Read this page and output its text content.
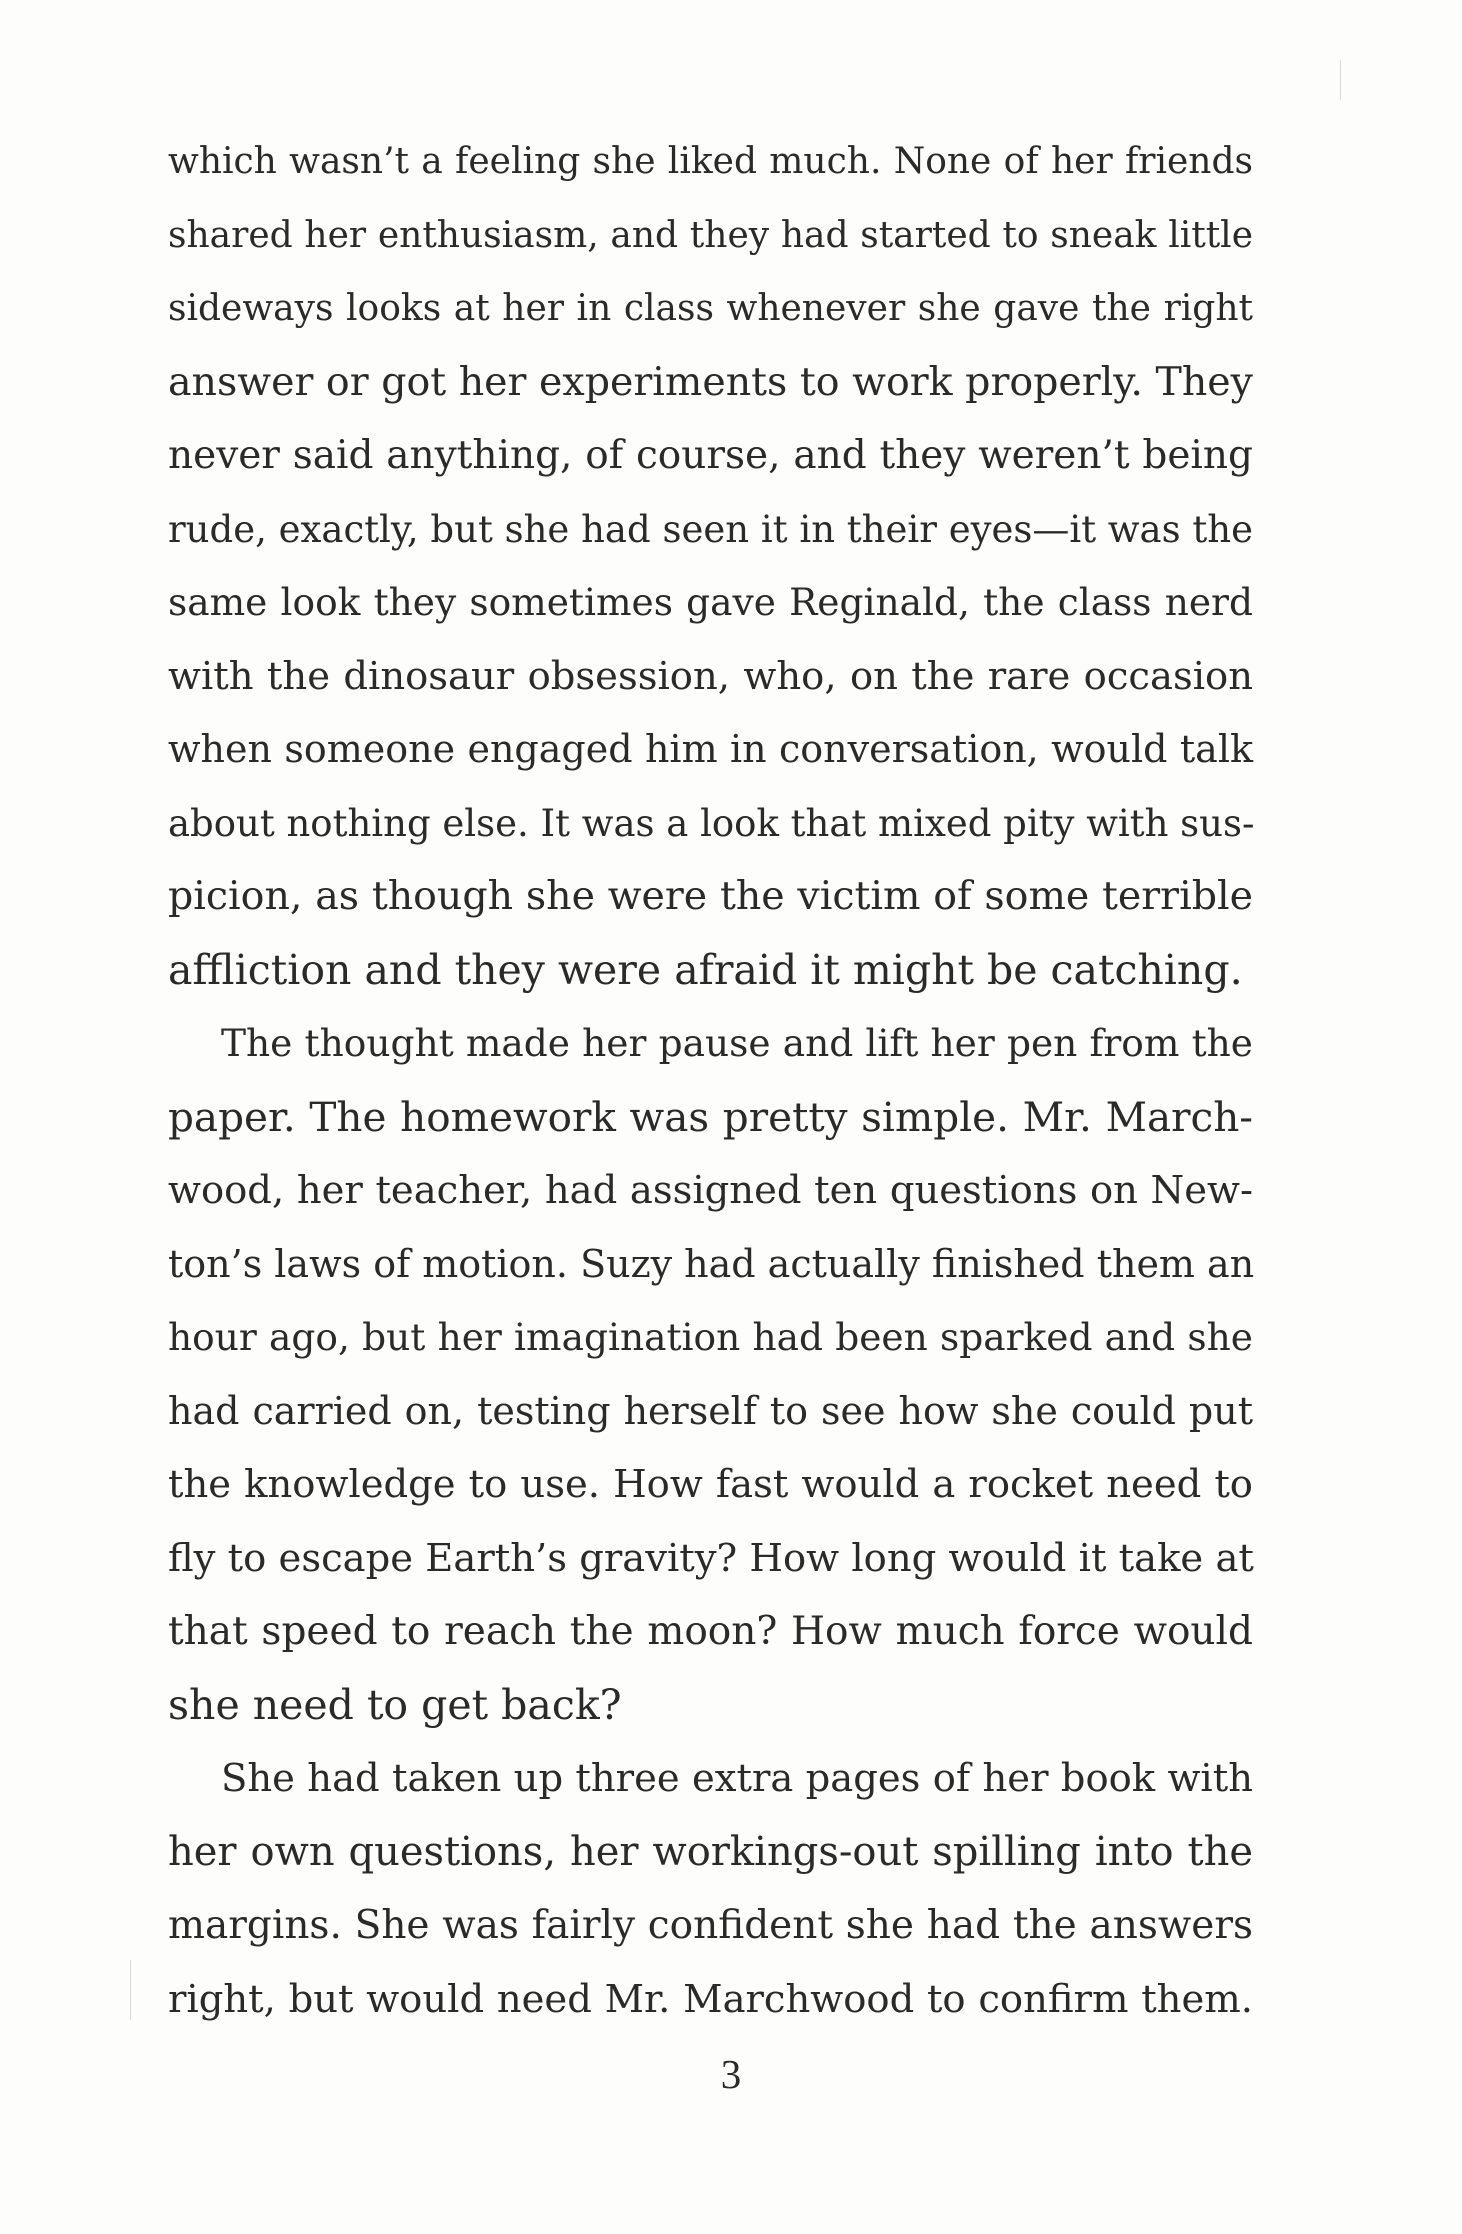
which wasn’t a feeling she liked much. None of her friends
shared her enthusiasm, and they had started to sneak little
sideways looks at her in class whenever she gave the right
answer or got her experiments to work properly. They
never said anything, of course, and they weren’t being
rude, exactly, but she had seen it in their eyes—it was the
same look they sometimes gave Reginald, the class nerd
with the dinosaur obsession, who, on the rare occasion
when someone engaged him in conversation, would talk
about nothing else. It was a look that mixed pity with sus-
picion, as though she were the victim of some terrible
affliction and they were afraid it might be catching.
The thought made her pause and lift her pen from the
paper. The homework was pretty simple. Mr. March-
wood, her teacher, had assigned ten questions on New-
ton’s laws of motion. Suzy had actually finished them an
hour ago, but her imagination had been sparked and she
had carried on, testing herself to see how she could put
the knowledge to use. How fast would a rocket need to
fly to escape Earth’s gravity? How long would it take at
that speed to reach the moon? How much force would
she need to get back?
She had taken up three extra pages of her book with
her own questions, her workings-out spilling into the
margins. She was fairly confident she had the answers
right, but would need Mr. Marchwood to confirm them.
3
